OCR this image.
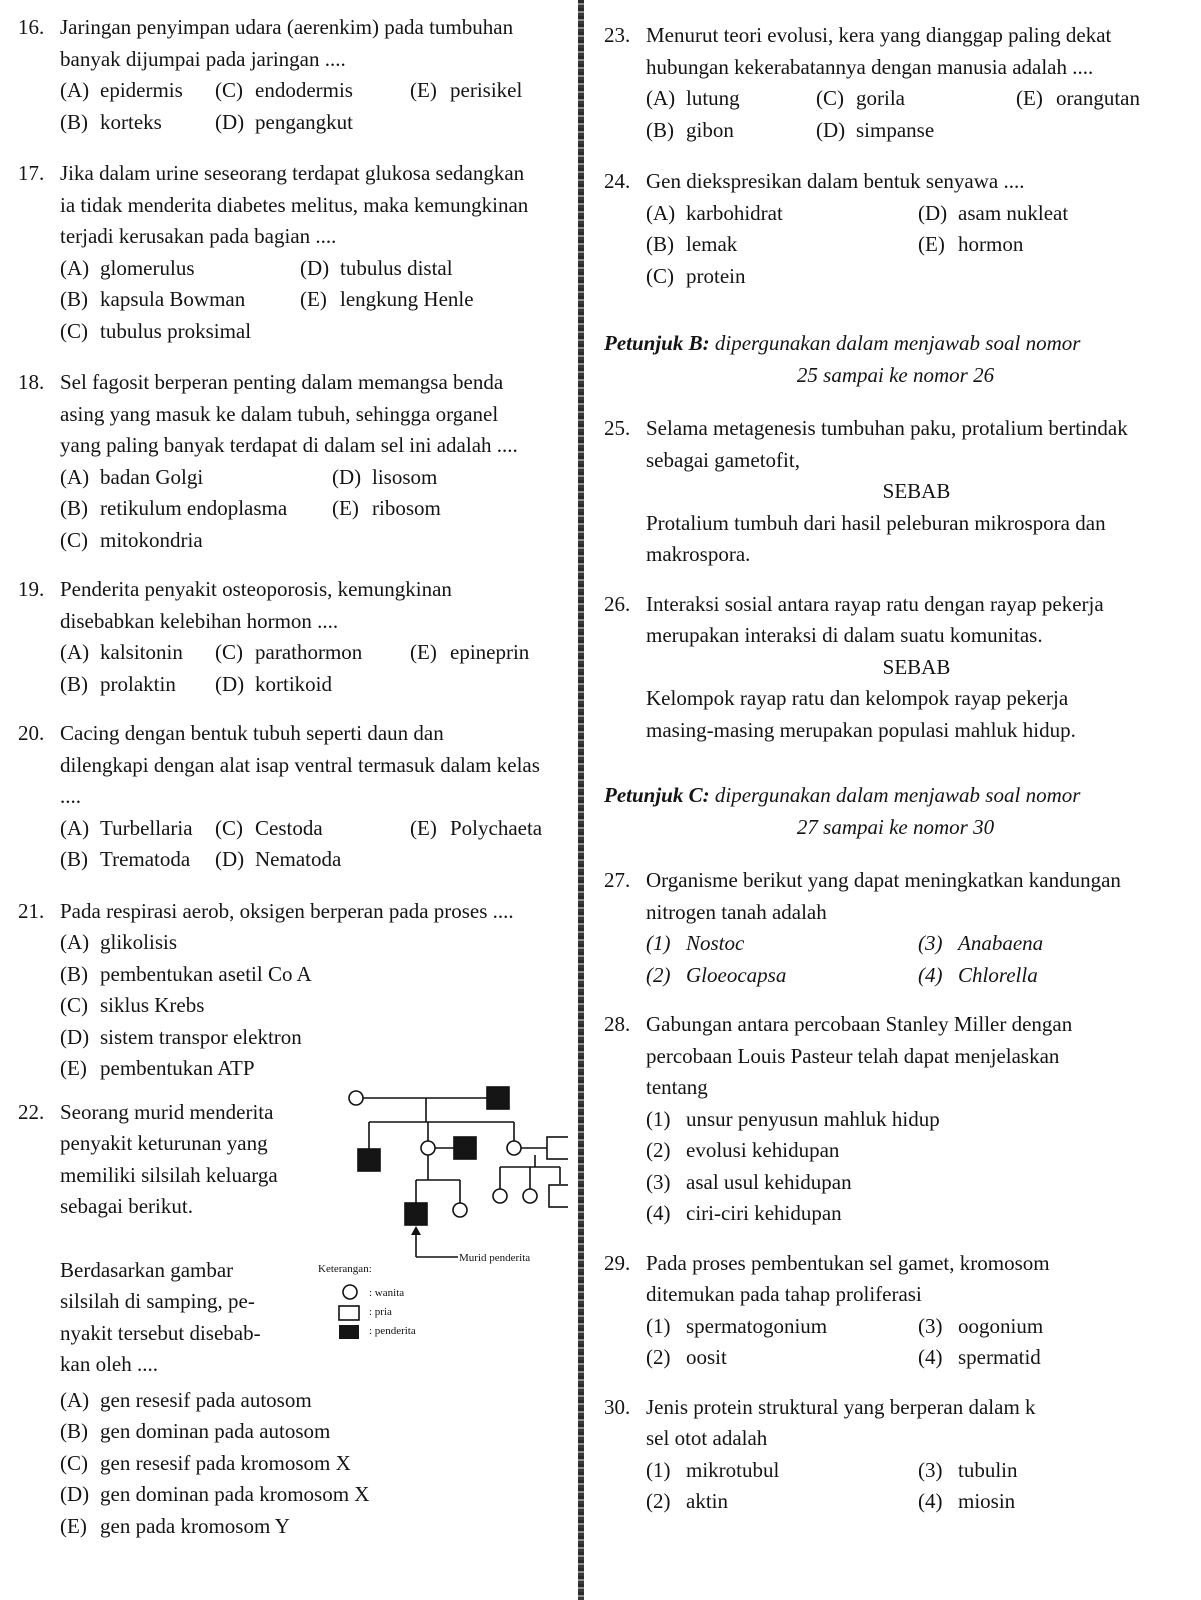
16. Jaringan penyimpan udara (aerenkim) pada tumbuhan
banyak dijumpai pada jaringan ....
(A) epidermis	(C) endodermis	(E) perisikel
(B) korteks	(D) pengangkut
17. Jika dalam urine seseorang terdapat glukosa sedangkan
ia tidak menderita diabetes melitus, maka kemungkinan
terjadi kerusakan pada bagian ....
(A) glomerulus	(D) tubulus distal
(B) kapsula Bowman	(E) lengkung Henle
(C) tubulus proksimal
18. Sel fagosit berperan penting dalam memangsa benda
asing yang masuk ke dalam tubuh, sehingga organel
yang paling banyak terdapat di dalam sel ini adalah ....
(A) badan Golgi	(D) lisosom
(B) retikulum endoplasma	(E) ribosom
(C) mitokondria
19. Penderita penyakit osteoporosis, kemungkinan
disebabkan kelebihan hormon ....
(A) kalsitonin	(C) parathormon	(E) epineprin
(B) prolaktin	(D) kortikoid
20. Cacing dengan bentuk tubuh seperti daun dan
dilengkapi dengan alat isap ventral termasuk dalam kelas
....
(A) Turbellaria	(C) Cestoda	(E) Polychaeta
(B) Trematoda	(D) Nematoda
21. Pada respirasi aerob, oksigen berperan pada proses ....
(A) glikolisis
(B) pembentukan asetil Co A
(C) siklus Krebs
(D) sistem transpor elektron
(E) pembentukan ATP
22. Seorang murid menderita
penyakit keturunan yang
memiliki silsilah keluarga
sebagai berikut.
Berdasarkan gambar
silsilah di samping, pe-
nyakit tersebut disebab-
kan oleh ....
Murid penderita
Keterangan:
: wanita
: pria
: penderita
(A) gen resesif pada autosom
(B) gen dominan pada autosom
(C) gen resesif pada kromosom X
(D) gen dominan pada kromosom X
(E) gen pada kromosom Y
23. Menurut teori evolusi, kera yang dianggap paling dekat
hubungan kekerabatannya dengan manusia adalah ....
(A) lutung	(C) gorila	(E) orangutan
(B) gibon	(D) simpanse
24. Gen diekspresikan dalam bentuk senyawa ....
(A) karbohidrat	(D) asam nukleat
(B) lemak	(E) hormon
(C) protein
Petunjuk B: dipergunakan dalam menjawab soal nomor
25 sampai ke nomor 26
25. Selama metagenesis tumbuhan paku, protalium bertindak
sebagai gametofit,
SEBAB
Protalium tumbuh dari hasil peleburan mikrospora dan
makrospora.
26. Interaksi sosial antara rayap ratu dengan rayap pekerja
merupakan interaksi di dalam suatu komunitas.
SEBAB
Kelompok rayap ratu dan kelompok rayap pekerja
masing-masing merupakan populasi mahluk hidup.
Petunjuk C: dipergunakan dalam menjawab soal nomor
27 sampai ke nomor 30
27. Organisme berikut yang dapat meningkatkan kandungan
nitrogen tanah adalah
(1) Nostoc	(3) Anabaena
(2) Gloeocapsa	(4) Chlorella
28. Gabungan antara percobaan Stanley Miller dengan
percobaan Louis Pasteur telah dapat menjelaskan
tentang
(1) unsur penyusun mahluk hidup
(2) evolusi kehidupan
(3) asal usul kehidupan
(4) ciri-ciri kehidupan
29. Pada proses pembentukan sel gamet, kromosom
ditemukan pada tahap proliferasi
(1) spermatogonium	(3) oogonium
(2) oosit	(4) spermatid
30. Jenis protein struktural yang berperan dalam k
sel otot adalah
(1) mikrotubul	(3) tubulin
(2) aktin	(4) miosin
